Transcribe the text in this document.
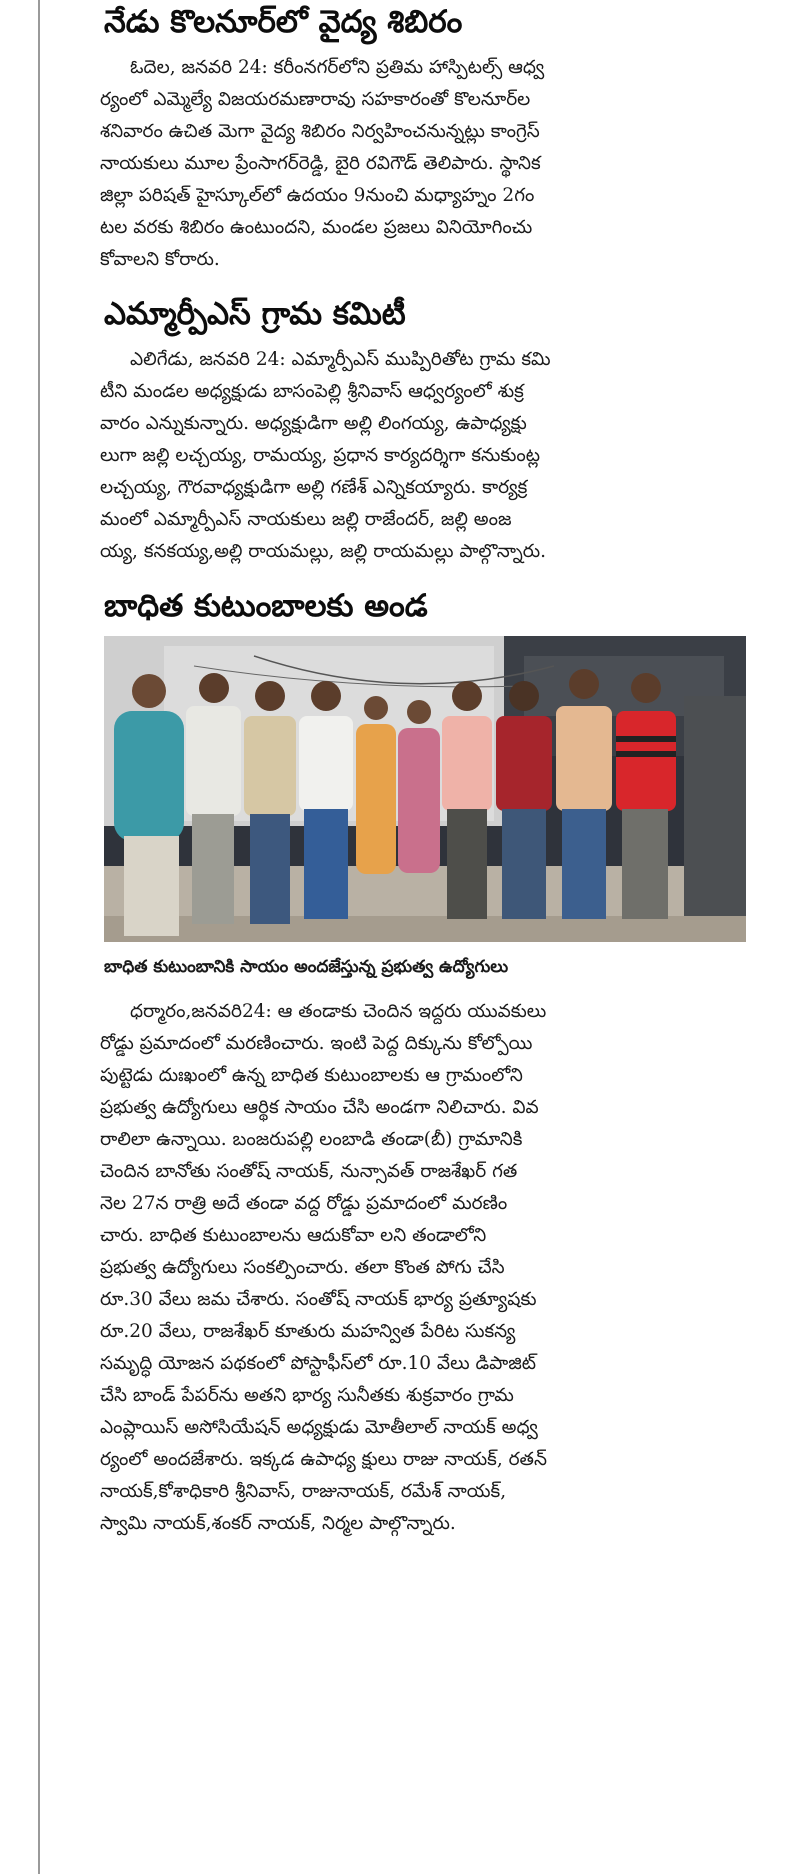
నేడు కొలనూర్‌లో వైద్య శిబిరం
ఓదెల, జనవరి 24: కరీంనగర్‌లోని ప్రతిమ హాస్పిటల్స్ ఆధ్వ
ర్యంలో ఎమ్మెల్యే విజయరమణారావు సహకారంతో కొలనూర్‌ల
శనివారం ఉచిత మెగా వైద్య శిబిరం నిర్వహించనున్నట్లు కాంగ్రెస్
నాయకులు మూల ప్రేంసాగర్‌రెడ్డి, బైరి రవిగౌడ్ తెలిపారు. స్థానిక
జిల్లా పరిషత్ హైస్కూల్‌లో ఉదయం 9నుంచి మధ్యాహ్నం 2గం
టల వరకు శిబిరం ఉంటుందని, మండల ప్రజలు వినియోగించు
కోవాలని కోరారు.
ఎమ్మార్పీఎస్ గ్రామ కమిటీ
ఎలిగేడు, జనవరి 24: ఎమ్మార్పీఎస్ ముప్పిరితోట గ్రామ కమి
టీని మండల అధ్యక్షుడు బాసంపెల్లి శ్రీనివాస్ ఆధ్వర్యంలో శుక్ర
వారం ఎన్నుకున్నారు. అధ్యక్షుడిగా అల్లి లింగయ్య, ఉపాధ్యక్షు
లుగా జల్లి లచ్చయ్య, రామయ్య, ప్రధాన కార్యదర్శిగా కనుకుంట్ల
లచ్చయ్య, గౌరవాధ్యక్షుడిగా అల్లి గణేశ్ ఎన్నికయ్యారు. కార్యక్ర
మంలో ఎమ్మార్పీఎస్ నాయకులు జల్లి రాజేందర్, జల్లి అంజ
య్య, కనకయ్య,అల్లి రాయమల్లు, జల్లి రాయమల్లు పాల్గొన్నారు.
బాధిత కుటుంబాలకు అండ
బాధిత కుటుంబానికి సాయం అందజేస్తున్న ప్రభుత్వ ఉద్యోగులు
ధర్మారం,జనవరి24: ఆ తండాకు చెందిన ఇద్దరు యువకులు
రోడ్డు ప్రమాదంలో మరణించారు. ఇంటి పెద్ద దిక్కును కోల్పోయి
పుట్టెడు దుఃఖంలో ఉన్న బాధిత కుటుంబాలకు ఆ గ్రామంలోని
ప్రభుత్వ ఉద్యోగులు ఆర్థిక సాయం చేసి అండగా నిలిచారు. వివ
రాలిలా ఉన్నాయి. బంజరుపల్లి లంబాడి తండా(బీ) గ్రామానికి
చెందిన బానోతు సంతోష్ నాయక్, నున్సావత్ రాజశేఖర్ గత
నెల 27న రాత్రి అదే తండా వద్ద రోడ్డు ప్రమాదంలో మరణిం
చారు. బాధిత కుటుంబాలను ఆదుకోవా లని తండాలోని
ప్రభుత్వ ఉద్యోగులు సంకల్పించారు. తలా కొంత పోగు చేసి
రూ.30 వేలు జమ చేశారు. సంతోష్ నాయక్ భార్య ప్రత్యూషకు
రూ.20 వేలు, రాజశేఖర్ కూతురు మహన్విత పేరిట సుకన్య
సమృద్ధి యోజన పథకంలో పోస్టాఫీస్‌లో రూ.10 వేలు డిపాజిట్
చేసి బాండ్ పేపర్‌ను అతని భార్య సునీతకు శుక్రవారం గ్రామ
ఎంప్లాయిస్ అసోసియేషన్ అధ్యక్షుడు మోతీలాల్ నాయక్ అధ్వ
ర్యంలో అందజేశారు. ఇక్కడ ఉపాధ్య క్షులు రాజు నాయక్, రతన్
నాయక్,కోశాధికారి శ్రీనివాస్, రాజునాయక్, రమేశ్ నాయక్,
స్వామి నాయక్,శంకర్ నాయక్, నిర్మల పాల్గొన్నారు.
